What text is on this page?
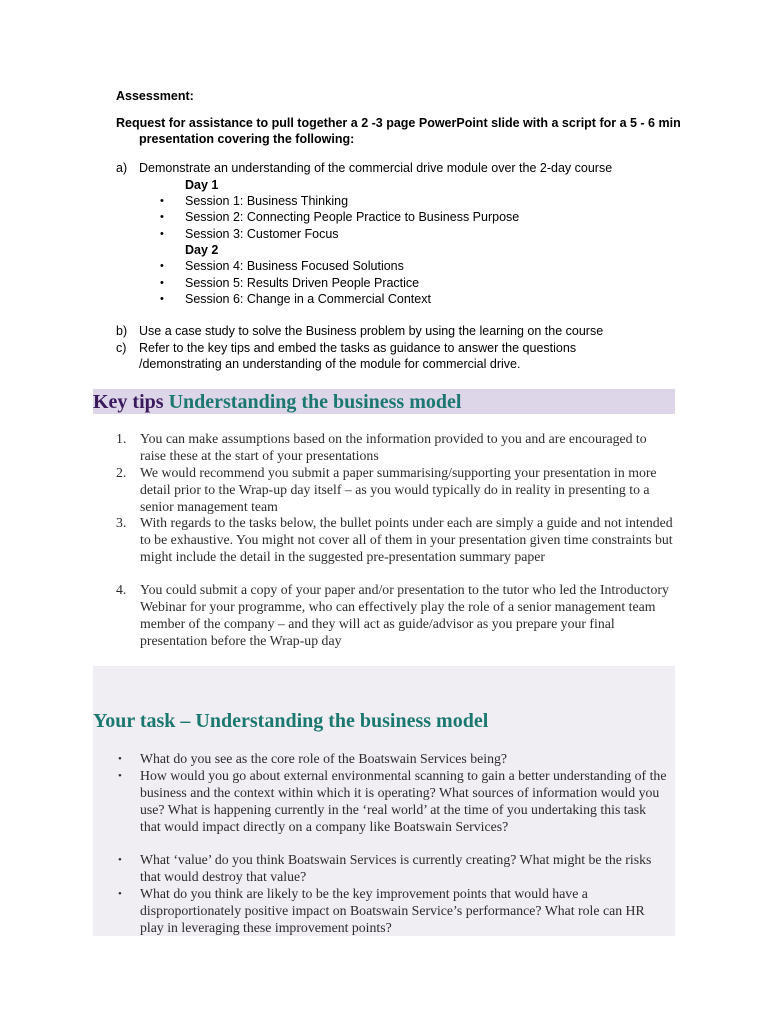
Assessment:
Request for assistance to pull together a 2 -3 page PowerPoint slide with a script for a 5 - 6 min
presentation covering the following:
a) Demonstrate an understanding of the commercial drive module over the 2-day course
Day 1
• Session 1: Business Thinking
• Session 2: Connecting People Practice to Business Purpose
• Session 3: Customer Focus
Day 2
• Session 4: Business Focused Solutions
• Session 5: Results Driven People Practice
• Session 6: Change in a Commercial Context
b) Use a case study to solve the Business problem by using the learning on the course
c) Refer to the key tips and embed the tasks as guidance to answer the questions /demonstrating an understanding of the module for commercial drive.
Key tips Understanding the business model
1. You can make assumptions based on the information provided to you and are encouraged to raise these at the start of your presentations
2. We would recommend you submit a paper summarising/supporting your presentation in more detail prior to the Wrap-up day itself – as you would typically do in reality in presenting to a senior management team
3. With regards to the tasks below, the bullet points under each are simply a guide and not intended to be exhaustive. You might not cover all of them in your presentation given time constraints but might include the detail in the suggested pre-presentation summary paper
4. You could submit a copy of your paper and/or presentation to the tutor who led the Introductory Webinar for your programme, who can effectively play the role of a senior management team member of the company – and they will act as guide/advisor as you prepare your final presentation before the Wrap-up day
Your task – Understanding the business model
• What do you see as the core role of the Boatswain Services being?
• How would you go about external environmental scanning to gain a better understanding of the business and the context within which it is operating? What sources of information would you use? What is happening currently in the ‘real world’ at the time of you undertaking this task that would impact directly on a company like Boatswain Services?
• What ‘value’ do you think Boatswain Services is currently creating? What might be the risks that would destroy that value?
• What do you think are likely to be the key improvement points that would have a disproportionately positive impact on Boatswain Service’s performance? What role can HR play in leveraging these improvement points?
